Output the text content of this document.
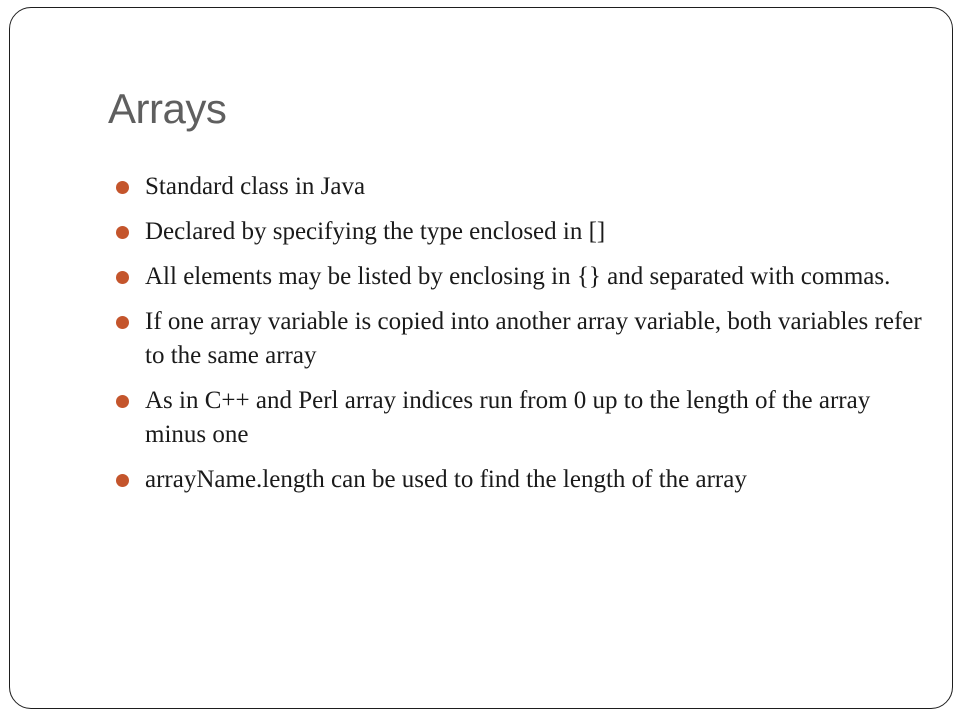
Arrays
Standard class in Java
Declared by specifying the type enclosed in []
All elements may be listed by enclosing in {} and separated with commas.
If one array variable is copied into another array variable, both variables refer to the same array
As in C++ and Perl array indices run from 0 up to the length of the array minus one
arrayName.length can be used to find the length of the array
